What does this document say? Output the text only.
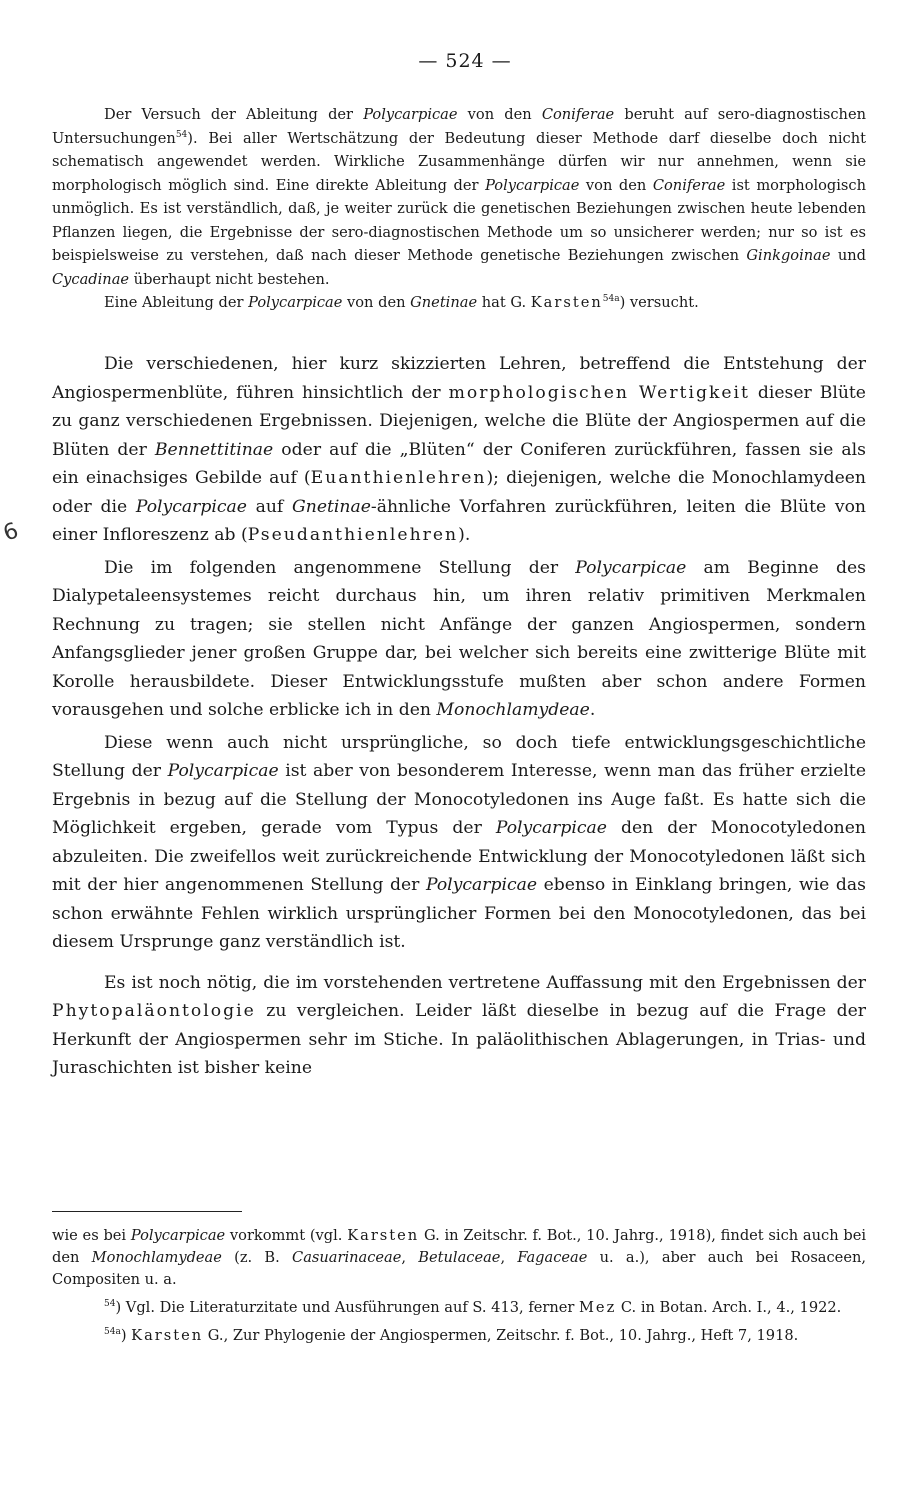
— 524 —
6

Der Versuch der Ableitung der Polycarpicae von den Coniferae beruht auf sero-diagnostischen Untersuchungen$^{54}$). Bei aller Wertschätzung der Bedeutung dieser Methode darf dieselbe doch nicht schematisch angewendet werden. Wirkliche Zusammenhänge dürfen wir nur annehmen, wenn sie morphologisch möglich sind. Eine direkte Ableitung der Polycarpicae von den Coniferae ist morphologisch unmöglich. Es ist verständlich, daß, je weiter zurück die genetischen Beziehungen zwischen heute lebenden Pflanzen liegen, die Ergebnisse der sero-diagnostischen Methode um so unsicherer werden; nur so ist es beispielsweise zu verstehen, daß nach dieser Methode genetische Beziehungen zwischen Ginkgoinae und Cycadinae überhaupt nicht bestehen.

Eine Ableitung der Polycarpicae von den Gnetinae hat G. Karsten$^{54a}$) versucht.

Die verschiedenen, hier kurz skizzierten Lehren, betreffend die Entstehung der Angiospermenblüte, führen hinsichtlich der morphologischen Wertigkeit dieser Blüte zu ganz verschiedenen Ergebnissen. Diejenigen, welche die Blüte der Angiospermen auf die Blüten der Bennettitinae oder auf die „Blüten“ der Coniferen zurückführen, fassen sie als ein einachsiges Gebilde auf (Euanthienlehren); diejenigen, welche die Monochlamydeen oder die Polycarpicae auf Gnetinae-ähnliche Vorfahren zurückführen, leiten die Blüte von einer Infloreszenz ab (Pseudanthienlehren).

Die im folgenden angenommene Stellung der Polycarpicae am Beginne des Dialypetaleensystemes reicht durchaus hin, um ihren relativ primitiven Merkmalen Rechnung zu tragen; sie stellen nicht Anfänge der ganzen Angiospermen, sondern Anfangsglieder jener großen Gruppe dar, bei welcher sich bereits eine zwitterige Blüte mit Korolle herausbildete. Dieser Entwicklungsstufe mußten aber schon andere Formen vorausgehen und solche erblicke ich in den Monochlamydeae.

Diese wenn auch nicht ursprüngliche, so doch tiefe entwicklungsgeschichtliche Stellung der Polycarpicae ist aber von besonderem Interesse, wenn man das früher erzielte Ergebnis in bezug auf die Stellung der Monocotyledonen ins Auge faßt. Es hatte sich die Möglichkeit ergeben, gerade vom Typus der Polycarpicae den der Monocotyledonen abzuleiten. Die zweifellos weit zurückreichende Entwicklung der Monocotyledonen läßt sich mit der hier angenommenen Stellung der Polycarpicae ebenso in Einklang bringen, wie das schon erwähnte Fehlen wirklich ursprünglicher Formen bei den Monocotyledonen, das bei diesem Ursprunge ganz verständlich ist.

Es ist noch nötig, die im vorstehenden vertretene Auffassung mit den Ergebnissen der Phytopaläontologie zu vergleichen. Leider läßt dieselbe in bezug auf die Frage der Herkunft der Angiospermen sehr im Stiche. In paläolithischen Ablagerungen, in Trias- und Juraschichten ist bisher keine

wie es bei Polycarpicae vorkommt (vgl. Karsten G. in Zeitschr. f. Bot., 10. Jahrg., 1918), findet sich auch bei den Monochlamydeae (z. B. Casuarinaceae, Betulaceae, Fagaceae u. a.), aber auch bei Rosaceen, Compositen u. a.

$^{54}$) Vgl. Die Literaturzitate und Ausführungen auf S. 413, ferner Mez C. in Botan. Arch. I., 4., 1922.

$^{54a}$) Karsten G., Zur Phylogenie der Angiospermen, Zeitschr. f. Bot., 10. Jahrg., Heft 7, 1918.
